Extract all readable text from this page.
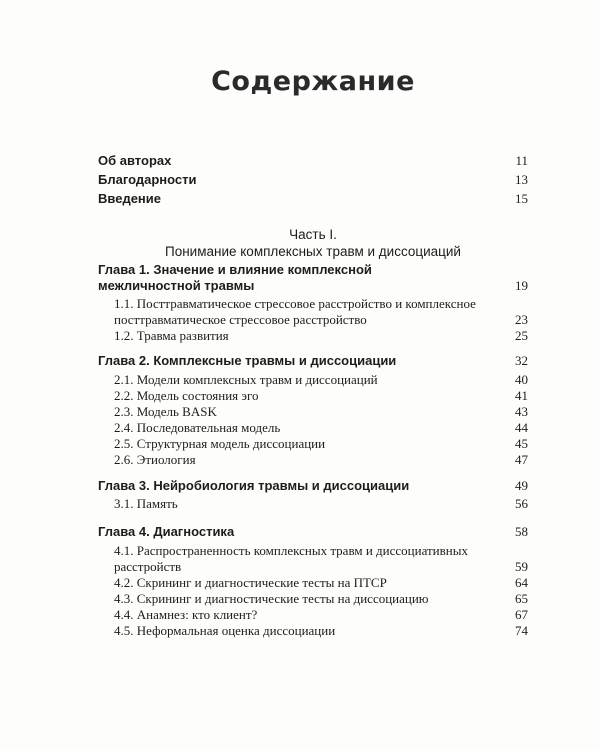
Содержание
Об авторах	11
Благодарности	13
Введение	15
Часть I.
Понимание комплексных травм и диссоциаций
Глава 1. Значение и влияние комплексной межличностной травмы	19
1.1. Посттравматическое стрессовое расстройство и комплексное посттравматическое стрессовое расстройство	23
1.2. Травма развития	25
Глава 2. Комплексные травмы и диссоциации	32
2.1. Модели комплексных травм и диссоциаций	40
2.2. Модель состояния эго	41
2.3. Модель BASK	43
2.4. Последовательная модель	44
2.5. Структурная модель диссоциации	45
2.6. Этиология	47
Глава 3. Нейробиология травмы и диссоциации	49
3.1. Память	56
Глава 4. Диагностика	58
4.1. Распространенность комплексных травм и диссоциативных расстройств	59
4.2. Скрининг и диагностические тесты на ПТСР	64
4.3. Скрининг и диагностические тесты на диссоциацию	65
4.4. Анамнез: кто клиент?	67
4.5. Неформальная оценка диссоциации	74
